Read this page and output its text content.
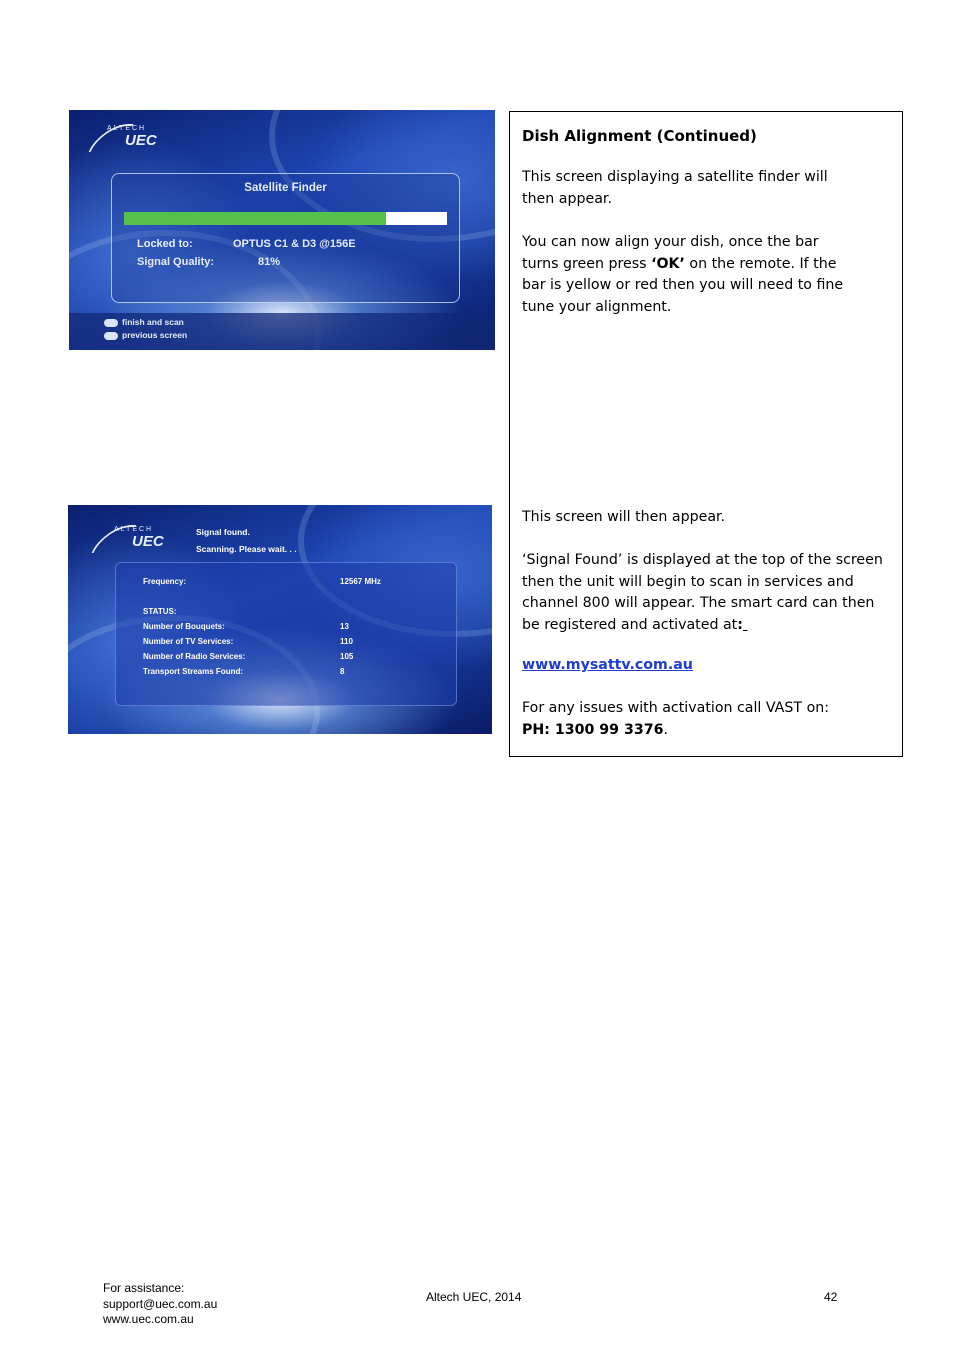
ALTECH
UEC
Satellite Finder
Locked to:	OPTUS C1 & D3 @156E
Signal Quality:	81%
finish and scan
previous screen
ALTECH
UEC
Signal found.
Scanning. Please wait. . .
Frequency:	12567 MHz
STATUS:
Number of Bouquets:	13
Number of TV Services:	110
Number of Radio Services:	105
Transport Streams Found:	8
Dish Alignment (Continued)
This screen displaying a satellite finder will
then appear.
You can now align your dish, once the bar
turns green press ‘OK’ on the remote. If the
bar is yellow or red then you will need to fine
tune your alignment.
This screen will then appear.
‘Signal Found’ is displayed at the top of the screen
then the unit will begin to scan in services and
channel 800 will appear. The smart card can then
be registered and activated at:
www.mysattv.com.au
For any issues with activation call VAST on:
PH: 1300 99 3376.
For assistance:
support@uec.com.au
www.uec.com.au
Altech UEC, 2014	42
